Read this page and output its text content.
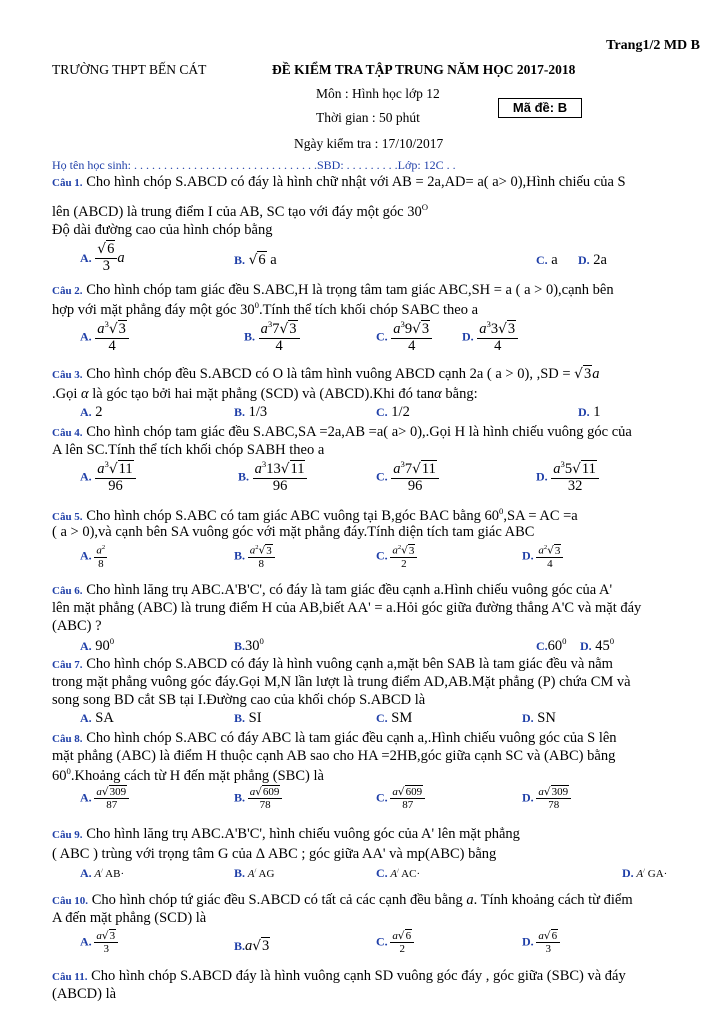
Trang1/2 MD B
TRƯỜNG THPT BẾN CÁT	ĐỀ KIỂM TRA TẬP TRUNG NĂM HỌC 2017-2018
Môn : Hình học lớp 12
Thời gian : 50 phút
Mã đề: B
Ngày kiểm tra : 17/10/2017
Họ tên học sinh: . . . . . . . . . . . . . . . . . . . . . . . . . . . . . . .SBD: . . . . . . . . .Lớp: 12C . .
Câu 1. Cho hình chóp S.ABCD có đáy là hình chữ nhật với AB = 2a,AD= a( a> 0),Hình chiếu của S
lên (ABCD) là trung điểm I của AB, SC tạo với đáy một góc $30^O$
Độ dài đường cao của hình chóp bằng
A. $\frac{√6}{3}$ a	B. √6 a	C. a D. 2a
Câu 2. Cho hình chóp tam giác đều S.ABC,H là trọng tâm tam giác ABC,SH = a ( a > 0),cạnh bên
hợp với mặt phẳng đáy một góc $30^0.Tính$ thể tích khối chóp SABC theo a
A. $\frac{a^3√3}{4}$	B. $\frac{a^37√3}{4}$	C. $\frac{a^39√3}{4} D$. $\frac{a^33√3}{4}$
Câu 3. Cho hình chóp đều S.ABCD có O là tâm hình vuông ABCD cạnh 2a ( a > 0), ,SD = √3a
.Gọi α là góc tạo bởi hai mặt phẳng (SCD) và (ABCD).Khi đó tanα bằng:
A. 2	B. 1/3	C. 1/2	D. 1
Câu 4. Cho hình chóp tam giác đều S.ABC,SA =2a,AB =a( a> 0),.Gọi H là hình chiếu vuông góc của
A lên SC.Tính thể tích khối chóp SABH theo a
A. $\frac{a^3√11}{96}$	B. $\frac{a^313√11}{96}$	C. $\frac{a^37√11}{96}$	D. $\frac{a^35√11}{32}$
Câu 5. Cho hình chóp S.ABC có tam giác ABC vuông tại B,góc BAC bằng $60^0,SA$ = AC =a
( a > 0),và cạnh bên SA vuông góc với mặt phẳng đáy.Tính diện tích tam giác ABC
A. $\frac{a^2}{8}$	B. $\frac{a^2√3}{8}$	C. $\frac{a^2√3}{2}$	D. $\frac{a^2√3}{4}$
Câu 6. Cho hình lăng trụ ABC.A'B'C', có đáy là tam giác đều cạnh a.Hình chiếu vuông góc của A'
lên mặt phẳng (ABC) là trung điểm H của AB,biết AA' = a.Hỏi góc giữa đường thẳng A'C và mặt đáy
(ABC) ?
A. $90^0$	$B.30^0$	$C.60^0$ D. $45^0$
Câu 7. Cho hình chóp S.ABCD có đáy là hình vuông cạnh a,mặt bên SAB là tam giác đều và nằm
trong mặt phẳng vuông góc đáy.Gọi M,N lần lượt là trung điểm AD,AB.Mặt phẳng (P) chứa CM và
song song BD cắt SB tại I.Đường cao của khối chóp S.ABCD là
A. SA	B. SI	C. SM	D. SN
Câu 8. Cho hình chóp S.ABC có đáy ABC là tam giác đều cạnh a,.Hình chiếu vuông góc của S lên
mặt phẳng (ABC) là điểm H thuộc cạnh AB sao cho HA =2HB,góc giữa cạnh SC và (ABC) bằng
$60^0.Khoảng$ cách từ H đến mặt phẳng (SBC) là
A. $\frac{a√309}{87}$	B. $\frac{a√609}{78}$	C. $\frac{a√609}{87}$	D. $\frac{a√309}{78}$
Câu 9. Cho hình lăng trụ ABC.A'B'C', hình chiếu vuông góc của A' lên mặt phẳng
( ABC ) trùng với trọng tâm G của Δ ABC ; góc giữa AA' và mp(ABC) bằng
A. A/ AB·	B. A/ AG	C. A/ AC·	D. A/ GA·
Câu 10. Cho hình chóp tứ giác đều S.ABCD có tất cả các cạnh đều bằng a. Tính khoảng cách từ điểm
A đến mặt phẳng (SCD) là
A. $\frac{a√3}{3}$	B.a√3	C. $\frac{a√6}{2}$	D. $\frac{a√6}{3}$
Câu 11. Cho hình chóp S.ABCD đáy là hình vuông cạnh SD vuông góc đáy , góc giữa (SBC) và đáy
(ABCD) là
